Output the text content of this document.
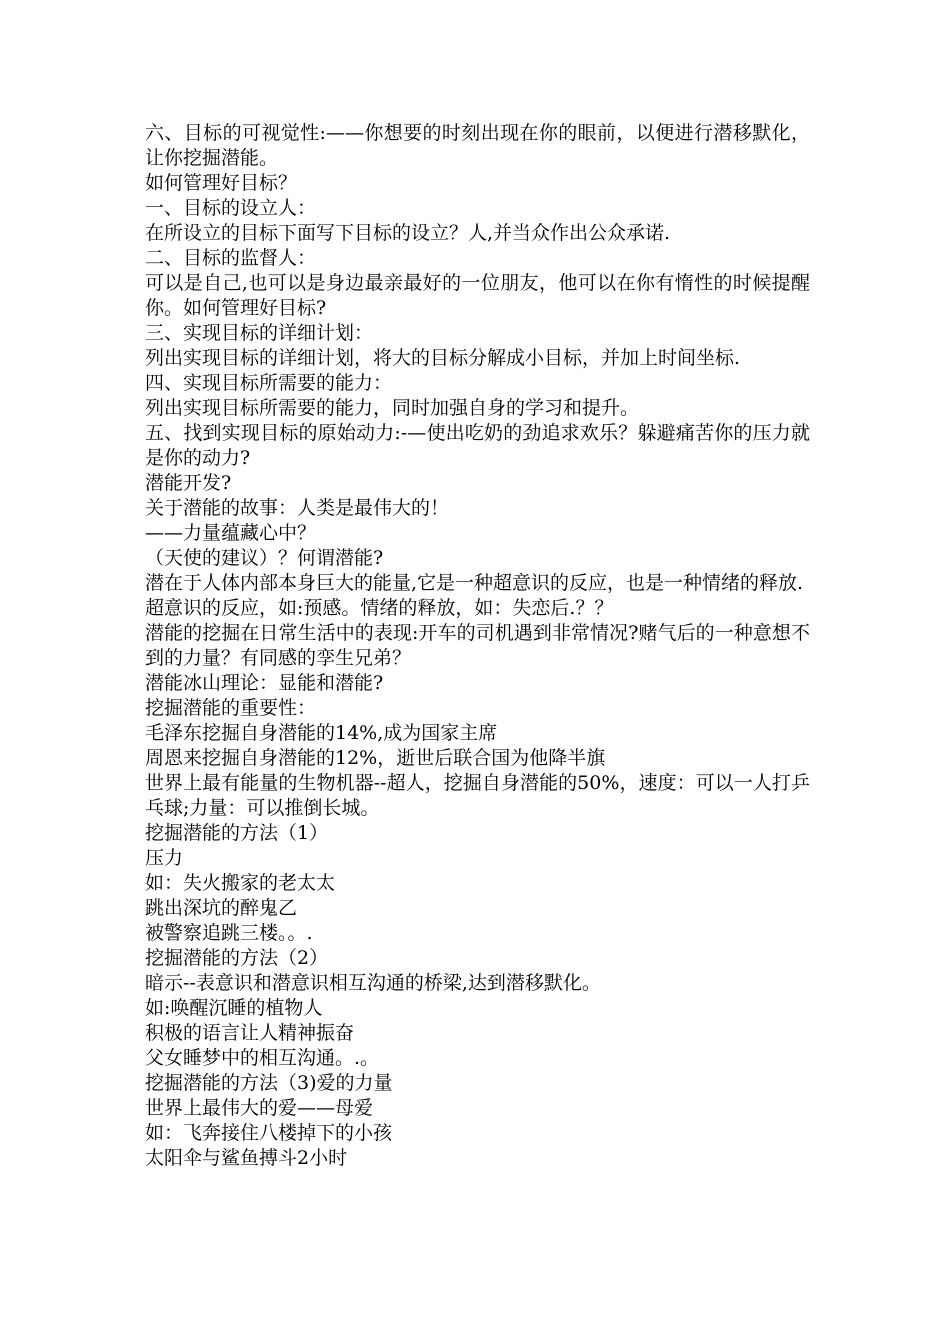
六、目标的可视觉性:——你想要的时刻出现在你的眼前，以便进行潜移默化，让你挖掘潜能。
如何管理好目标？
一、目标的设立人：
在所设立的目标下面写下目标的设立？人,并当众作出公众承诺.
二、目标的监督人：
可以是自己,也可以是身边最亲最好的一位朋友，他可以在你有惰性的时候提醒你。如何管理好目标?
三、实现目标的详细计划：
列出实现目标的详细计划，将大的目标分解成小目标，并加上时间坐标.
四、实现目标所需要的能力：
列出实现目标所需要的能力，同时加强自身的学习和提升。
五、找到实现目标的原始动力:-—使出吃奶的劲追求欢乐？躲避痛苦你的压力就是你的动力?
潜能开发?
关于潜能的故事：人类是最伟大的！
——力量蕴藏心中？
（天使的建议）？何谓潜能?
潜在于人体内部本身巨大的能量,它是一种超意识的反应，也是一种情绪的释放.
超意识的反应，如:预感。情绪的释放，如：失恋后.？？
潜能的挖掘在日常生活中的表现:开车的司机遇到非常情况?赌气后的一种意想不到的力量？有同感的孪生兄弟？
潜能冰山理论：显能和潜能?
挖掘潜能的重要性：
毛泽东挖掘自身潜能的14%,成为国家主席
周恩来挖掘自身潜能的12%，逝世后联合国为他降半旗
世界上最有能量的生物机器--超人，挖掘自身潜能的50%，速度：可以一人打乒乓球;力量：可以推倒长城。
挖掘潜能的方法（1）
压力
如：失火搬家的老太太
跳出深坑的醉鬼乙
被警察追跳三楼。。.
挖掘潜能的方法（2）
暗示--表意识和潜意识相互沟通的桥梁,达到潜移默化。
如:唤醒沉睡的植物人
积极的语言让人精神振奋
父女睡梦中的相互沟通。.。
挖掘潜能的方法（3)爱的力量
世界上最伟大的爱——母爱
如：飞奔接住八楼掉下的小孩
太阳伞与鲨鱼搏斗2小时
